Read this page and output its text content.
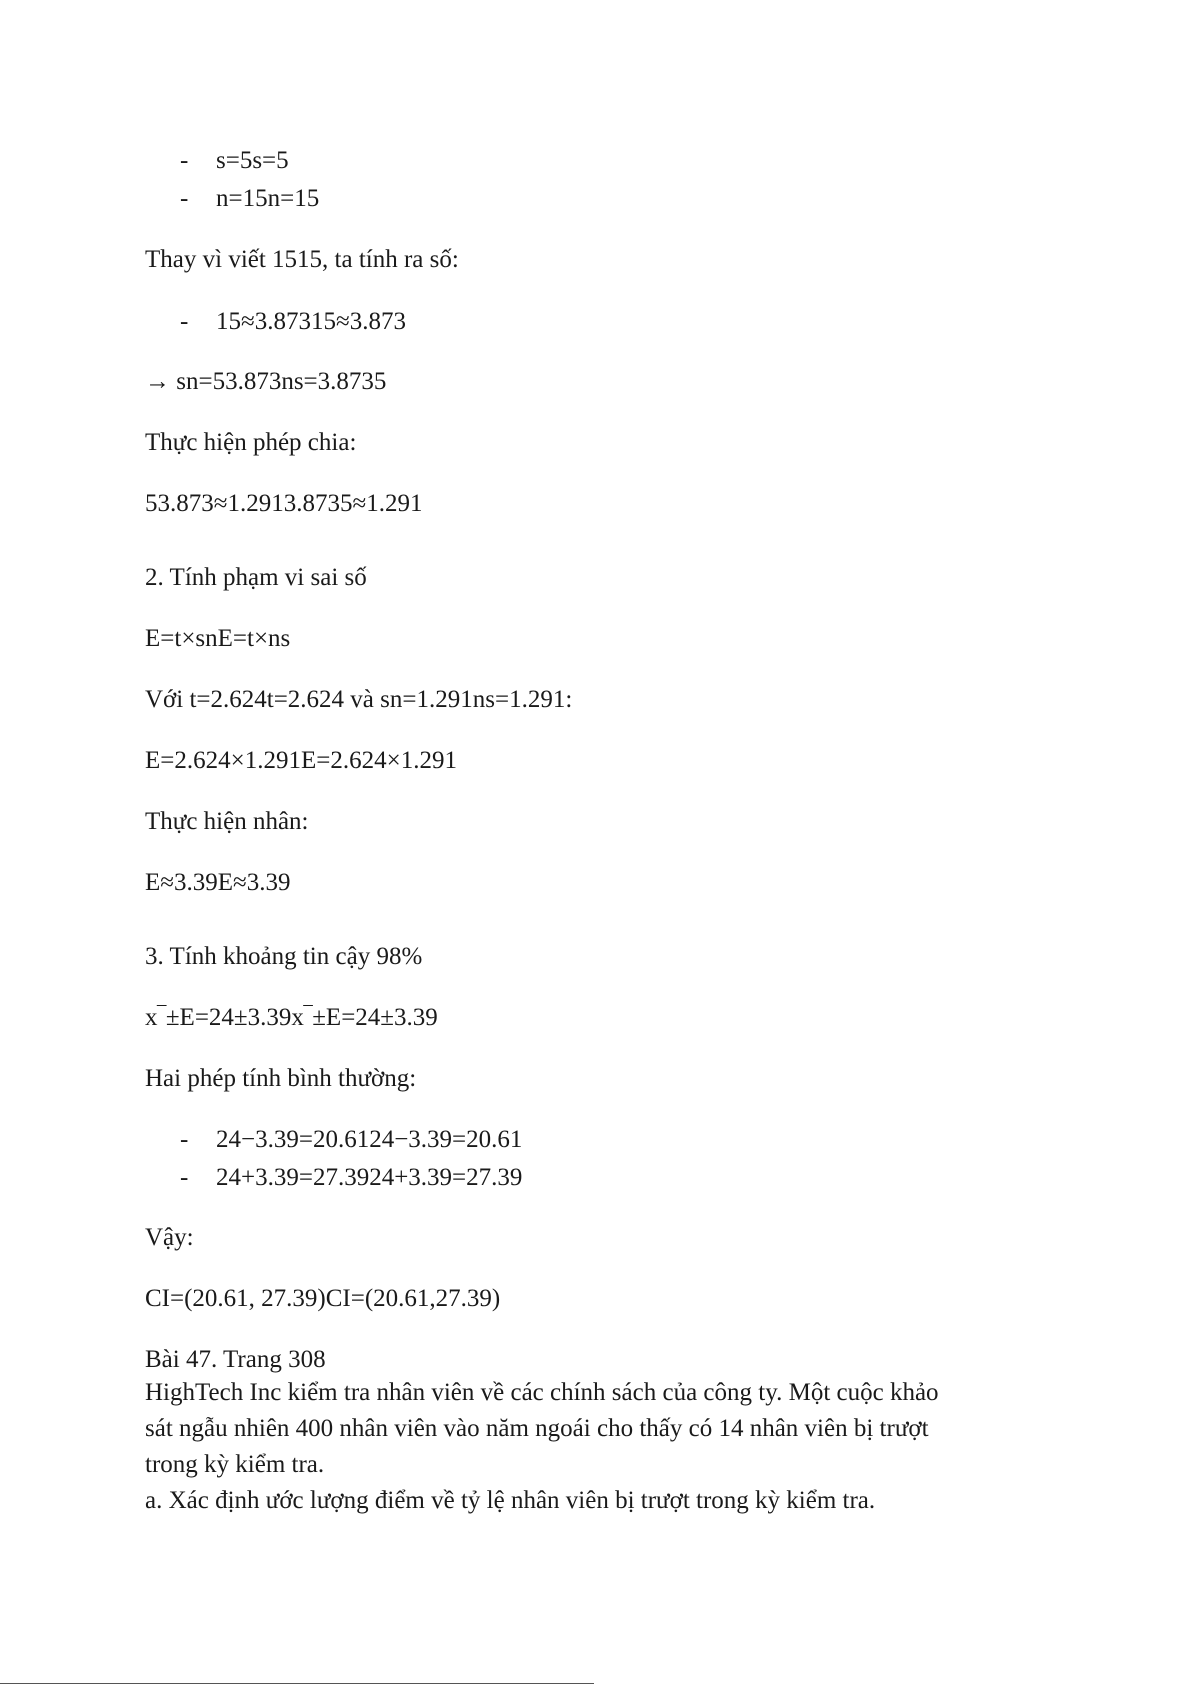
- s=5s=5
- n=15n=15

Thay vì viết 1515, ta tính ra số:

- 15≈3.87315≈3.873

→ sn=53.873ns=3.8735

Thực hiện phép chia:

53.873≈1.2913.8735≈1.291

2. Tính phạm vi sai số

E=t×snE=t×ns

Với t=2.624t=2.624 và sn=1.291ns=1.291:

E=2.624×1.291E=2.624×1.291

Thực hiện nhân:

E≈3.39E≈3.39

3. Tính khoảng tin cậy 98%

x‾±E=24±3.39x‾±E=24±3.39

Hai phép tính bình thường:

- 24−3.39=20.6124−3.39=20.61
- 24+3.39=27.3924+3.39=27.39

Vậy:

CI=(20.61, 27.39)CI=(20.61,27.39)

Bài 47. Trang 308

HighTech Inc kiểm tra nhân viên về các chính sách của công ty. Một cuộc khảo
sát ngẫu nhiên 400 nhân viên vào năm ngoái cho thấy có 14 nhân viên bị trượt
trong kỳ kiểm tra.
a. Xác định ước lượng điểm về tỷ lệ nhân viên bị trượt trong kỳ kiểm tra.
